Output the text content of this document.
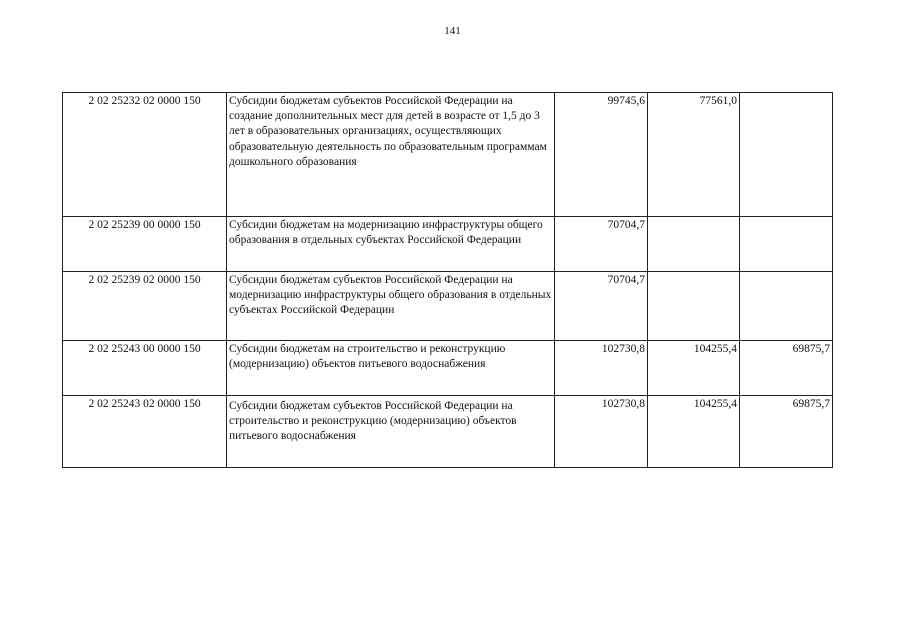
141
2 02 25232 02 0000 150	Субсидии бюджетам субъектов Российской Федерации на создание дополнительных мест для детей в возрасте от 1,5 до 3 лет в образовательных организациях, осуществляющих образовательную деятельность по образовательным программам дошкольного образования	99745,6	77561,0	
2 02 25239 00 0000 150	Субсидии бюджетам на модернизацию инфраструктуры общего образования в отдельных субъектах Российской Федерации	70704,7		
2 02 25239 02 0000 150	Субсидии бюджетам субъектов Российской Федерации на модернизацию инфраструктуры общего образования в отдельных субъектах Российской Федерации	70704,7		
2 02 25243 00 0000 150	Субсидии бюджетам на строительство и реконструкцию (модернизацию) объектов питьевого водоснабжения	102730,8	104255,4	69875,7
2 02 25243 02 0000 150	Субсидии бюджетам субъектов Российской Федерации на строительство и реконструкцию (модернизацию) объектов питьевого водоснабжения	102730,8	104255,4	69875,7
